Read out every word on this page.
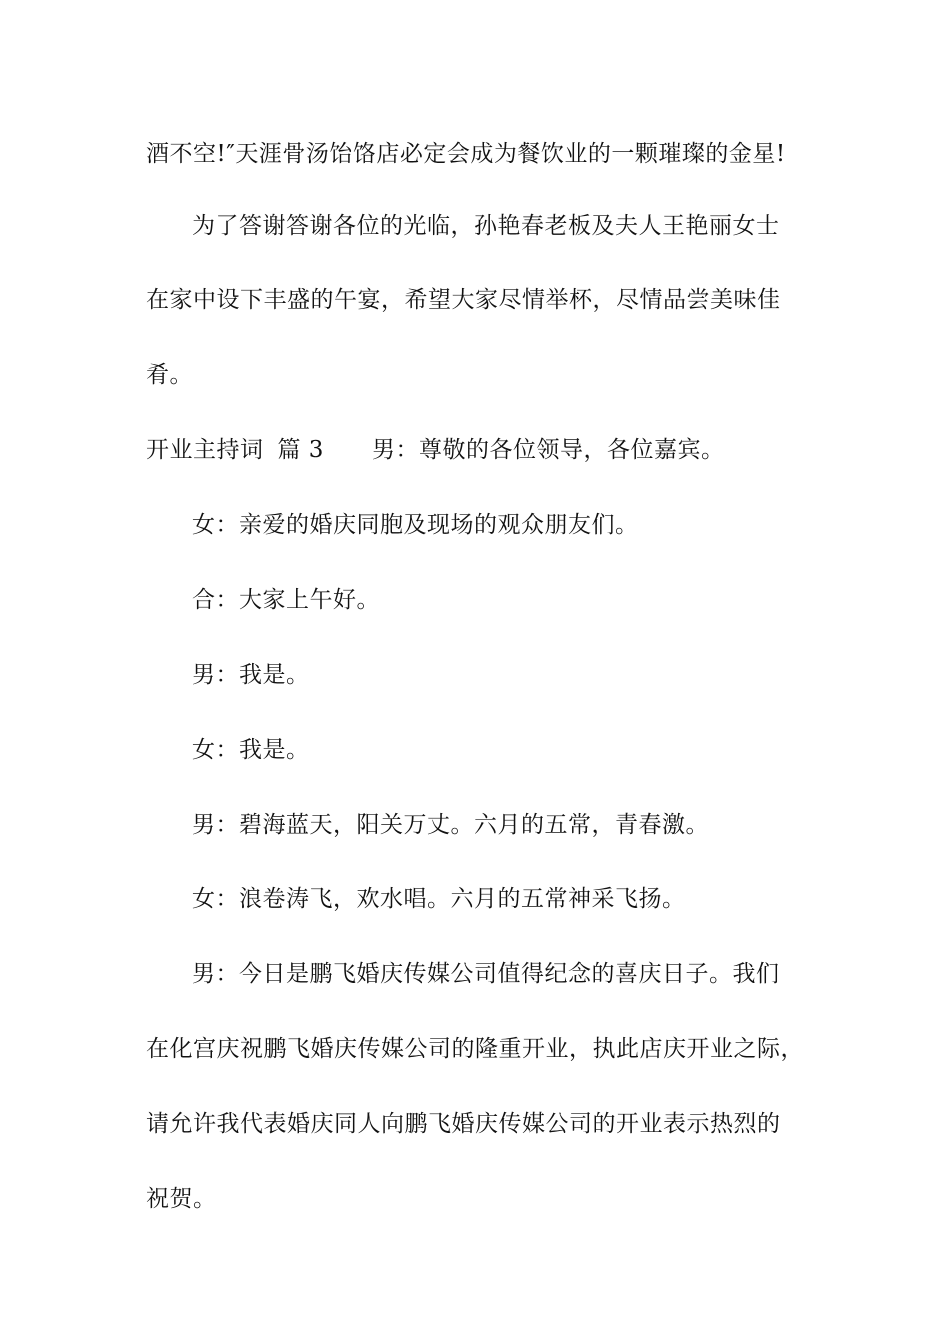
酒不空!″天涯骨汤饴饹店必定会成为餐饮业的一颗璀璨的金星!
为了答谢答谢各位的光临，孙艳春老板及夫人王艳丽女士
在家中设下丰盛的午宴，希望大家尽情举杯，尽情品尝美味佳
肴。
开业主持词 篇 3 男：尊敬的各位领导，各位嘉宾。
女：亲爱的婚庆同胞及现场的观众朋友们。
合：大家上午好。
男：我是。
女：我是。
男：碧海蓝天，阳关万丈。六月的五常，青春激。
女：浪卷涛飞，欢水唱。六月的五常神采飞扬。
男：今日是鹏飞婚庆传媒公司值得纪念的喜庆日子。我们
在化宫庆祝鹏飞婚庆传媒公司的隆重开业，执此店庆开业之际，
请允许我代表婚庆同人向鹏飞婚庆传媒公司的开业表示热烈的
祝贺。
